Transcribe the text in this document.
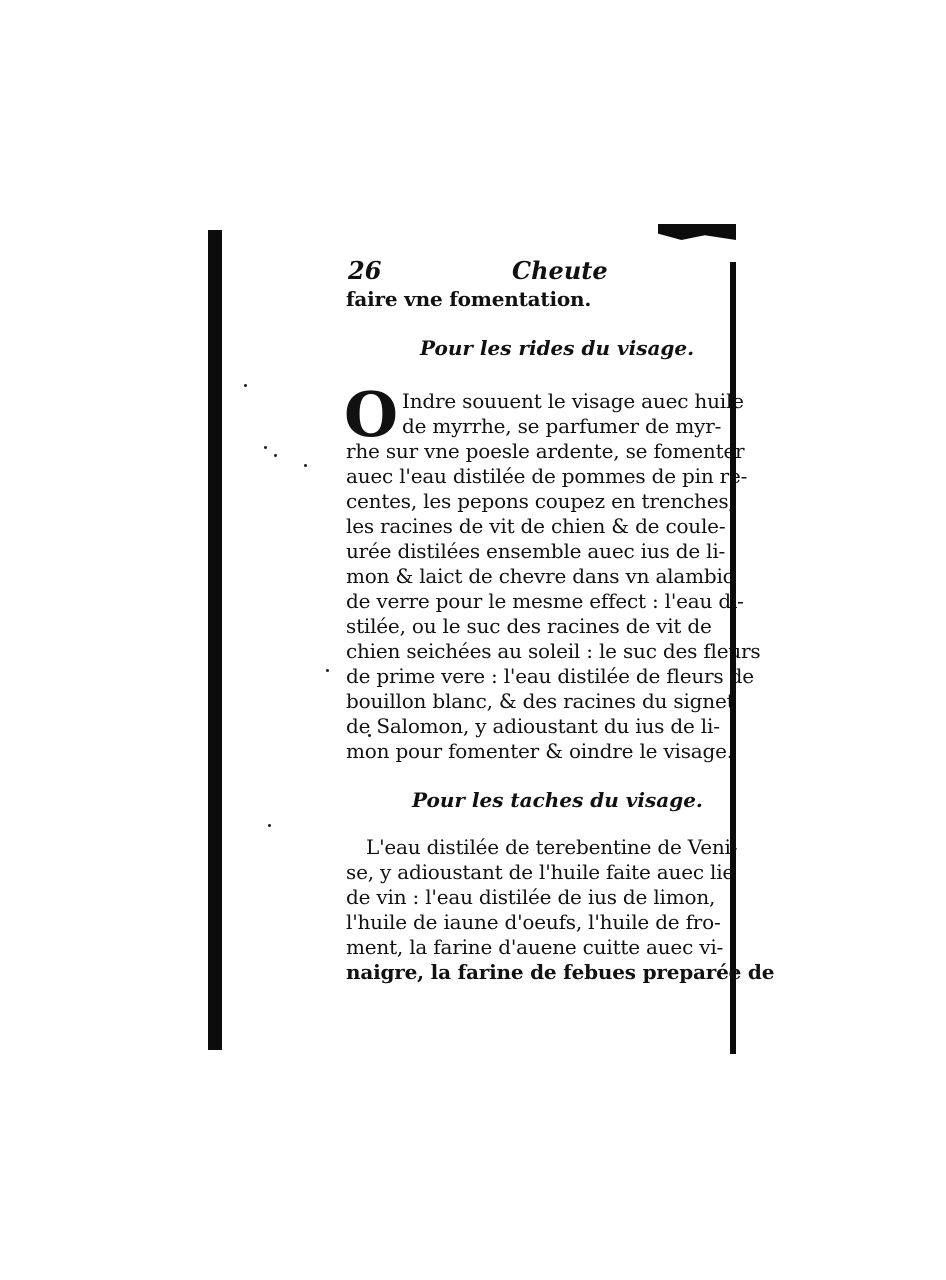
26	Cheute
faire vne fomentation.
Pour les rides du visage.
O Indre souuent le visage auec huile
de myrrhe, se parfumer de myr-
rhe sur vne poesle ardente, se fomenter
auec l'eau distilée de pommes de pin re-
centes, les pepons coupez en trenches,
les racines de vit de chien & de coule-
urée distilées ensemble auec ius de li-
mon & laict de chevre dans vn alambic
de verre pour le mesme effect : l'eau di-
stilée, ou le suc des racines de vit de
chien seichées au soleil : le suc des fleurs
de prime vere : l'eau distilée de fleurs de
bouillon blanc, & des racines du signet
de Salomon, y adioustant du ius de li-
mon pour fomenter & oindre le visage.
Pour les taches du visage.
L'eau distilée de terebentine de Veni-
se, y adioustant de l'huile faite auec lie
de vin : l'eau distilée de ius de limon,
l'huile de iaune d'oeufs, l'huile de fro-
ment, la farine d'auene cuitte auec vi-
naigre, la farine de febues preparée de
